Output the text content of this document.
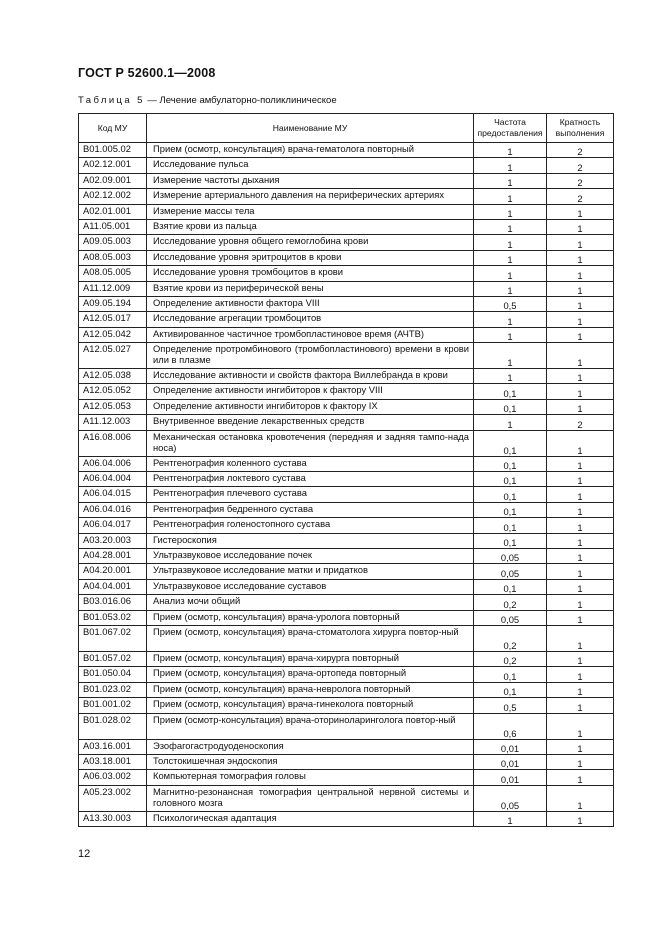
ГОСТ Р 52600.1—2008
Таблица 5 — Лечение амбулаторно-поликлиническое
Код МУ	Наименование МУ	Частота предоставления	Кратность выполнения
B01.005.02	Прием (осмотр, консультация) врача-гематолога повторный	1	2
A02.12.001	Исследование пульса	1	2
A02.09.001	Измерение частоты дыхания	1	2
A02.12.002	Измерение артериального давления на периферических артериях	1	2
A02.01.001	Измерение массы тела	1	1
A11.05.001	Взятие крови из пальца	1	1
A09.05.003	Исследование уровня общего гемоглобина крови	1	1
A08.05.003	Исследование уровня эритроцитов в крови	1	1
A08.05.005	Исследование уровня тромбоцитов в крови	1	1
A11.12.009	Взятие крови из периферической вены	1	1
A09.05.194	Определение активности фактора VIII	0,5	1
A12.05.017	Исследование агрегации тромбоцитов	1	1
A12.05.042	Активированное частичное тромбопластиновое время (АЧТВ)	1	1
A12.05.027	Определение протромбинового (тромбопластинового) времени в крови или в плазме	1	1
A12.05.038	Исследование активности и свойств фактора Виллебранда в крови	1	1
A12.05.052	Определение активности ингибиторов к фактору VIII	0,1	1
A12.05.053	Определение активности ингибиторов к фактору IX	0,1	1
A11.12.003	Внутривенное введение лекарственных средств	1	2
A16.08.006	Механическая остановка кровотечения (передняя и задняя тампо-нада носа)	0,1	1
A06.04.006	Рентгенография коленного сустава	0,1	1
A06.04.004	Рентгенография локтевого сустава	0,1	1
A06.04.015	Рентгенография плечевого сустава	0,1	1
A06.04.016	Рентгенография бедренного сустава	0,1	1
A06.04.017	Рентгенография голеностопного сустава	0,1	1
A03.20.003	Гистероскопия	0,1	1
A04.28.001	Ультразвуковое исследование почек	0,05	1
A04.20.001	Ультразвуковое исследование матки и придатков	0,05	1
A04.04.001	Ультразвуковое исследование суставов	0,1	1
B03.016.06	Анализ мочи общий	0,2	1
B01.053.02	Прием (осмотр, консультация) врача-уролога повторный	0,05	1
B01.067.02	Прием (осмотр, консультация) врача-стоматолога хирурга повтор-ный	0,2	1
B01.057.02	Прием (осмотр, консультация) врача-хирурга повторный	0,2	1
B01.050.04	Прием (осмотр, консультация) врача-ортопеда повторный	0,1	1
B01.023.02	Прием (осмотр, консультация) врача-невролога повторный	0,1	1
B01.001.02	Прием (осмотр, консультация) врача-гинеколога повторный	0,5	1
B01.028.02	Прием (осмотр-консультация) врача-оториноларинголога повтор-ный	0,6	1
A03.16.001	Эзофагогастродуоденоскопия	0,01	1
A03.18.001	Толстокишечная эндоскопия	0,01	1
A06.03.002	Компьютерная томография головы	0,01	1
A05.23.002	Магнитно-резонансная томография центральной нервной системы и головного мозга	0,05	1
A13.30.003	Психологическая адаптация	1	1
12
